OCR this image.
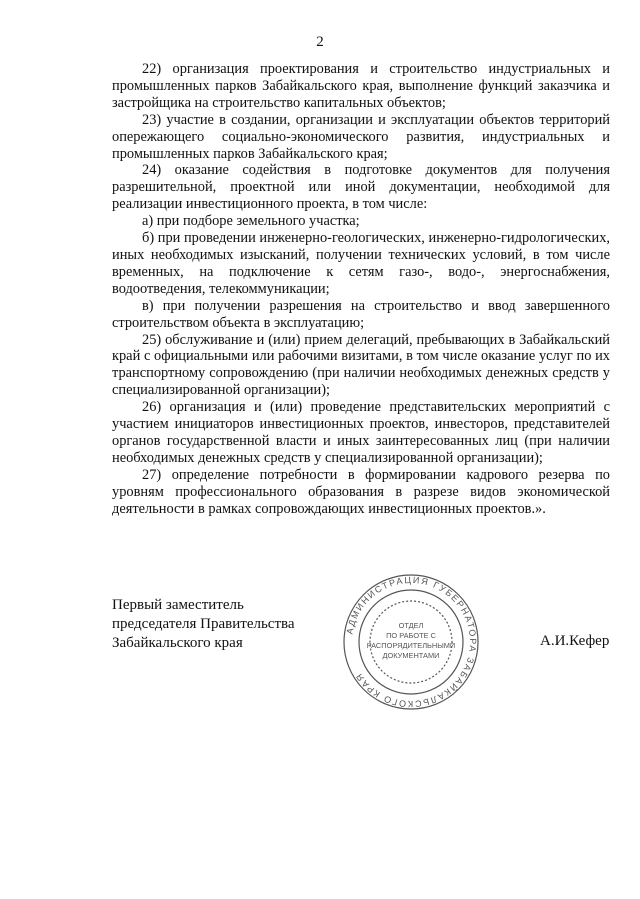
2

22) организация проектирования и строительство индустриальных и промышленных парков Забайкальского края, выполнение функций заказчика и застройщика на строительство капитальных объектов;

23) участие в создании, организации и эксплуатации объектов территорий опережающего социально-экономического развития, индустриальных и промышленных парков Забайкальского края;

24) оказание содействия в подготовке документов для получения разрешительной, проектной или иной документации, необходимой для реализации инвестиционного проекта, в том числе:

а) при подборе земельного участка;

б) при проведении инженерно-геологических, инженерно-гидрологических, иных необходимых изысканий, получении технических условий, в том числе временных, на подключение к сетям газо-, водо-, энергоснабжения, водоотведения, телекоммуникации;

в) при получении разрешения на строительство и ввод завершенного строительством объекта в эксплуатацию;

25) обслуживание и (или) прием делегаций, пребывающих в Забайкальский край с официальными или рабочими визитами, в том числе оказание услуг по их транспортному сопровождению (при наличии необходимых денежных средств у специализированной организации);

26) организация и (или) проведение представительских мероприятий с участием инициаторов инвестиционных проектов, инвесторов, представителей органов государственной власти и иных заинтересованных лиц (при наличии необходимых денежных средств у специализированной организации);

27) определение потребности в формировании кадрового резерва по уровням профессионального образования в разрезе видов экономической деятельности в рамках сопровождающих инвестиционных проектов.».

Первый заместитель
председателя Правительства
Забайкальского края	А.И.Кефер
АДМИНИСТРАЦИЯ ГУБЕРНАТОРА ЗАБАЙКАЛЬСКОГО КРАЯ
ОТДЕЛ
ПО РАБОТЕ С
РАСПОРЯДИТЕЛЬНЫМИ
ДОКУМЕНТАМИ
